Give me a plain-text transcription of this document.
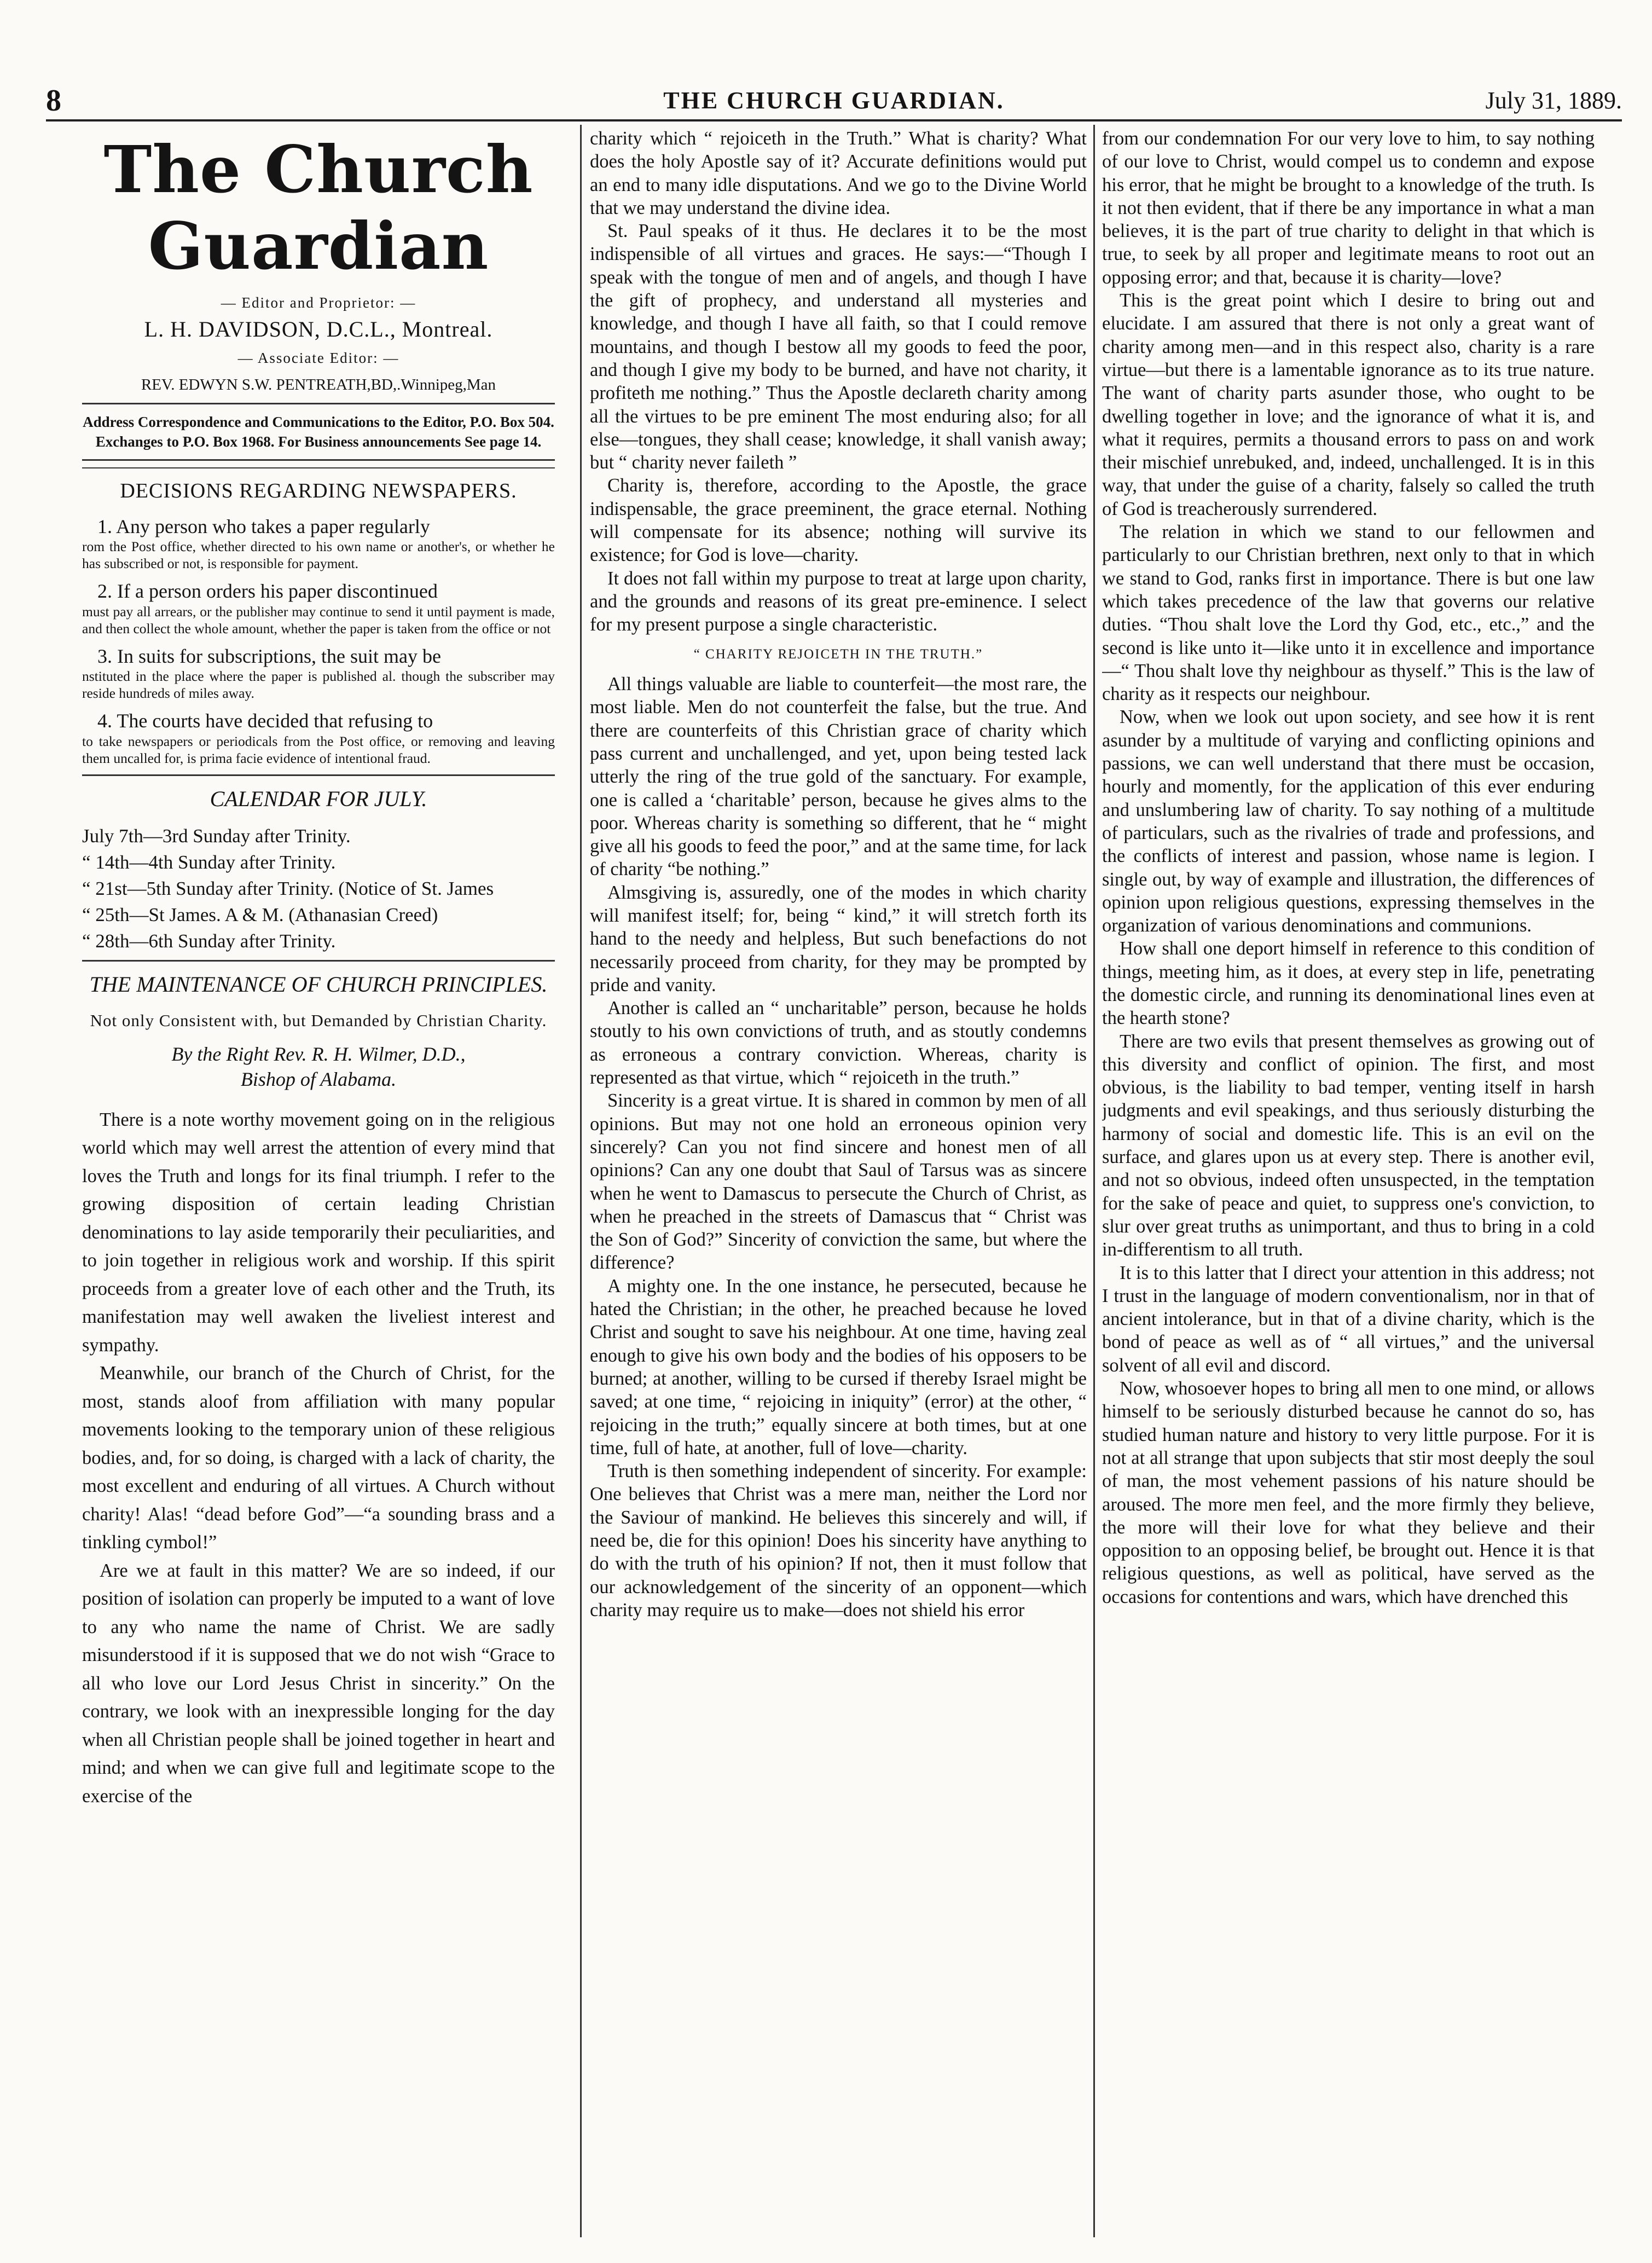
8	THE CHURCH GUARDIAN.	July 31, 1889.
The Church Guardian
— Editor and Proprietor: —
L. H. DAVIDSON, D.C.L., Montreal.
— Associate Editor: —
REV. EDWYN S.W. PENTREATH,BD,.Winnipeg,Man
Address Correspondence and Communications to the Editor, P.O. Box 504. Exchanges to P.O. Box 1968. For Business announcements See page 14.
DECISIONS REGARDING NEWSPAPERS.
1. Any person who takes a paper regularly
rom the Post office, whether directed to his own name or another's, or whether he has subscribed or not, is responsible for payment.
2. If a person orders his paper discontinued
must pay all arrears, or the publisher may continue to send it until payment is made, and then collect the whole amount, whether the paper is taken from the office or not
3. In suits for subscriptions, the suit may be
nstituted in the place where the paper is published al. though the subscriber may reside hundreds of miles away.
4. The courts have decided that refusing to
to take newspapers or periodicals from the Post office, or removing and leaving them uncalled for, is prima facie evidence of intentional fraud.
CALENDAR FOR JULY.
July 7th—3rd Sunday after Trinity.
“ 14th—4th Sunday after Trinity.
“ 21st—5th Sunday after Trinity. (Notice of St. James
“ 25th—St James. A & M. (Athanasian Creed)
“ 28th—6th Sunday after Trinity.
THE MAINTENANCE OF CHURCH PRINCIPLES.
Not only Consistent with, but Demanded by Christian Charity.
By the Right Rev. R. H. Wilmer, D.D.,
Bishop of Alabama.

There is a note worthy movement going on in the religious world which may well arrest the attention of every mind that loves the Truth and longs for its final triumph. I refer to the growing disposition of certain leading Christian denominations to lay aside temporarily their peculiarities, and to join together in religious work and worship. If this spirit proceeds from a greater love of each other and the Truth, its manifestation may well awaken the liveliest interest and sympathy.

Meanwhile, our branch of the Church of Christ, for the most, stands aloof from affiliation with many popular movements looking to the temporary union of these religious bodies, and, for so doing, is charged with a lack of charity, the most excellent and enduring of all virtues. A Church without charity! Alas! “dead before God”—“a sounding brass and a tinkling cymbol!”

Are we at fault in this matter? We are so indeed, if our position of isolation can properly be imputed to a want of love to any who name the name of Christ. We are sadly misunderstood if it is supposed that we do not wish “Grace to all who love our Lord Jesus Christ in sincerity.” On the contrary, we look with an inexpressible longing for the day when all Christian people shall be joined together in heart and mind; and when we can give full and legitimate scope to the exercise of the

charity which “ rejoiceth in the Truth.” What is charity? What does the holy Apostle say of it? Accurate definitions would put an end to many idle disputations. And we go to the Divine World that we may understand the divine idea.

St. Paul speaks of it thus. He declares it to be the most indispensible of all virtues and graces. He says:—“Though I speak with the tongue of men and of angels, and though I have the gift of prophecy, and understand all mysteries and knowledge, and though I have all faith, so that I could remove mountains, and though I bestow all my goods to feed the poor, and though I give my body to be burned, and have not charity, it profiteth me nothing.” Thus the Apostle declareth charity among all the virtues to be pre eminent The most enduring also; for all else—tongues, they shall cease; knowledge, it shall vanish away; but “ charity never faileth ”

Charity is, therefore, according to the Apostle, the grace indispensable, the grace preeminent, the grace eternal. Nothing will compensate for its absence; nothing will survive its existence; for God is love—charity.

It does not fall within my purpose to treat at large upon charity, and the grounds and reasons of its great pre-eminence. I select for my present purpose a single characteristic.

“ CHARITY REJOICETH IN THE TRUTH.”

All things valuable are liable to counterfeit—the most rare, the most liable. Men do not counterfeit the false, but the true. And there are counterfeits of this Christian grace of charity which pass current and unchallenged, and yet, upon being tested lack utterly the ring of the true gold of the sanctuary. For example, one is called a ‘charitable’ person, because he gives alms to the poor. Whereas charity is something so different, that he “ might give all his goods to feed the poor,” and at the same time, for lack of charity “be nothing.”

Almsgiving is, assuredly, one of the modes in which charity will manifest itself; for, being “ kind,” it will stretch forth its hand to the needy and helpless, But such benefactions do not necessarily proceed from charity, for they may be prompted by pride and vanity.

Another is called an “ uncharitable” person, because he holds stoutly to his own convictions of truth, and as stoutly condemns as erroneous a contrary conviction. Whereas, charity is represented as that virtue, which “ rejoiceth in the truth.”

Sincerity is a great virtue. It is shared in common by men of all opinions. But may not one hold an erroneous opinion very sincerely? Can you not find sincere and honest men of all opinions? Can any one doubt that Saul of Tarsus was as sincere when he went to Damascus to persecute the Church of Christ, as when he preached in the streets of Damascus that “ Christ was the Son of God?” Sincerity of conviction the same, but where the difference?

A mighty one. In the one instance, he persecuted, because he hated the Christian; in the other, he preached because he loved Christ and sought to save his neighbour. At one time, having zeal enough to give his own body and the bodies of his opposers to be burned; at another, willing to be cursed if thereby Israel might be saved; at one time, “ rejoicing in iniquity” (error) at the other, “ rejoicing in the truth;” equally sincere at both times, but at one time, full of hate, at another, full of love—charity.

Truth is then something independent of sincerity. For example: One believes that Christ was a mere man, neither the Lord nor the Saviour of mankind. He believes this sincerely and will, if need be, die for this opinion! Does his sincerity have anything to do with the truth of his opinion? If not, then it must follow that our acknowledgement of the sincerity of an opponent—which charity may require us to make—does not shield his error

from our condemnation For our very love to him, to say nothing of our love to Christ, would compel us to condemn and expose his error, that he might be brought to a knowledge of the truth. Is it not then evident, that if there be any importance in what a man believes, it is the part of true charity to delight in that which is true, to seek by all proper and legitimate means to root out an opposing error; and that, because it is charity—love?

This is the great point which I desire to bring out and elucidate. I am assured that there is not only a great want of charity among men—and in this respect also, charity is a rare virtue—but there is a lamentable ignorance as to its true nature. The want of charity parts asunder those, who ought to be dwelling together in love; and the ignorance of what it is, and what it requires, permits a thousand errors to pass on and work their mischief unrebuked, and, indeed, unchallenged. It is in this way, that under the guise of a charity, falsely so called the truth of God is treacherously surrendered.

The relation in which we stand to our fellowmen and particularly to our Christian brethren, next only to that in which we stand to God, ranks first in importance. There is but one law which takes precedence of the law that governs our relative duties. “Thou shalt love the Lord thy God, etc., etc.,” and the second is like unto it—like unto it in excellence and importance—“ Thou shalt love thy neighbour as thyself.” This is the law of charity as it respects our neighbour.

Now, when we look out upon society, and see how it is rent asunder by a multitude of varying and conflicting opinions and passions, we can well understand that there must be occasion, hourly and momently, for the application of this ever enduring and unslumbering law of charity. To say nothing of a multitude of particulars, such as the rivalries of trade and professions, and the conflicts of interest and passion, whose name is legion. I single out, by way of example and illustration, the differences of opinion upon religious questions, expressing themselves in the organization of various denominations and communions.

How shall one deport himself in reference to this condition of things, meeting him, as it does, at every step in life, penetrating the domestic circle, and running its denominational lines even at the hearth stone?

There are two evils that present themselves as growing out of this diversity and conflict of opinion. The first, and most obvious, is the liability to bad temper, venting itself in harsh judgments and evil speakings, and thus seriously disturbing the harmony of social and domestic life. This is an evil on the surface, and glares upon us at every step. There is another evil, and not so obvious, indeed often unsuspected, in the temptation for the sake of peace and quiet, to suppress one's conviction, to slur over great truths as unimportant, and thus to bring in a cold in-differentism to all truth.

It is to this latter that I direct your attention in this address; not I trust in the language of modern conventionalism, nor in that of ancient intolerance, but in that of a divine charity, which is the bond of peace as well as of “ all virtues,” and the universal solvent of all evil and discord.

Now, whosoever hopes to bring all men to one mind, or allows himself to be seriously disturbed because he cannot do so, has studied human nature and history to very little purpose. For it is not at all strange that upon subjects that stir most deeply the soul of man, the most vehement passions of his nature should be aroused. The more men feel, and the more firmly they believe, the more will their love for what they believe and their opposition to an opposing belief, be brought out. Hence it is that religious questions, as well as political, have served as the occasions for contentions and wars, which have drenched this
